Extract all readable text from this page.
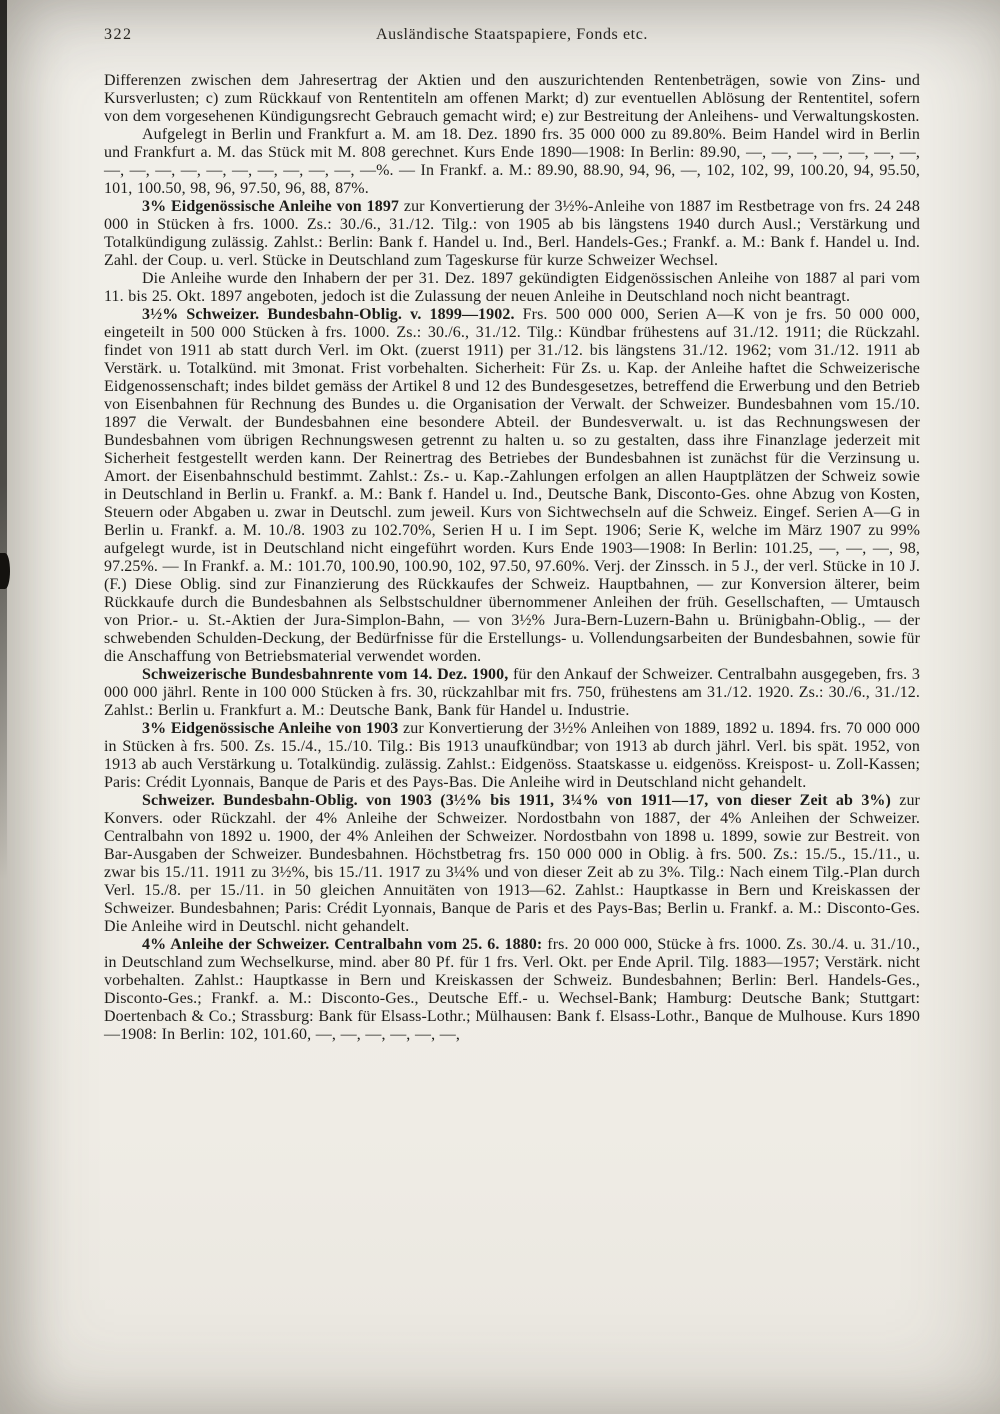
322	Ausländische Staatspapiere, Fonds etc.

Differenzen zwischen dem Jahresertrag der Aktien und den auszurichtenden Rentenbeträgen, sowie von Zins- und Kursverlusten; c) zum Rückkauf von Rententiteln am offenen Markt; d) zur eventuellen Ablösung der Rententitel, sofern von dem vorgesehenen Kündigungsrecht Gebrauch gemacht wird; e) zur Bestreitung der Anleihens- und Verwaltungskosten.

Aufgelegt in Berlin und Frankfurt a. M. am 18. Dez. 1890 frs. 35 000 000 zu 89.80%. Beim Handel wird in Berlin und Frankfurt a. M. das Stück mit M. 808 gerechnet. Kurs Ende 1890—1908: In Berlin: 89.90, —, —, —, —, —, —, —, —, —, —, —, —, —, —, —, —, —, —%. — In Frankf. a. M.: 89.90, 88.90, 94, 96, —, 102, 102, 99, 100.20, 94, 95.50, 101, 100.50, 98, 96, 97.50, 96, 88, 87%.

3% Eidgenössische Anleihe von 1897 zur Konvertierung der 3½%-Anleihe von 1887 im Restbetrage von frs. 24 248 000 in Stücken à frs. 1000. Zs.: 30./6., 31./12. Tilg.: von 1905 ab bis längstens 1940 durch Ausl.; Verstärkung und Totalkündigung zulässig. Zahlst.: Berlin: Bank f. Handel u. Ind., Berl. Handels-Ges.; Frankf. a. M.: Bank f. Handel u. Ind. Zahl. der Coup. u. verl. Stücke in Deutschland zum Tageskurse für kurze Schweizer Wechsel.

Die Anleihe wurde den Inhabern der per 31. Dez. 1897 gekündigten Eidgenössischen Anleihe von 1887 al pari vom 11. bis 25. Okt. 1897 angeboten, jedoch ist die Zulassung der neuen Anleihe in Deutschland noch nicht beantragt.

3½% Schweizer. Bundesbahn-Oblig. v. 1899—1902. Frs. 500 000 000, Serien A—K von je frs. 50 000 000, eingeteilt in 500 000 Stücken à frs. 1000. Zs.: 30./6., 31./12. Tilg.: Kündbar frühestens auf 31./12. 1911; die Rückzahl. findet von 1911 ab statt durch Verl. im Okt. (zuerst 1911) per 31./12. bis längstens 31./12. 1962; vom 31./12. 1911 ab Verstärk. u. Totalkünd. mit 3monat. Frist vorbehalten. Sicherheit: Für Zs. u. Kap. der Anleihe haftet die Schweizerische Eidgenossenschaft; indes bildet gemäss der Artikel 8 und 12 des Bundesgesetzes, betreffend die Erwerbung und den Betrieb von Eisenbahnen für Rechnung des Bundes u. die Organisation der Verwalt. der Schweizer. Bundesbahnen vom 15./10. 1897 die Verwalt. der Bundesbahnen eine besondere Abteil. der Bundesverwalt. u. ist das Rechnungswesen der Bundesbahnen vom übrigen Rechnungswesen getrennt zu halten u. so zu gestalten, dass ihre Finanzlage jederzeit mit Sicherheit festgestellt werden kann. Der Reinertrag des Betriebes der Bundesbahnen ist zunächst für die Verzinsung u. Amort. der Eisenbahnschuld bestimmt. Zahlst.: Zs.- u. Kap.-Zahlungen erfolgen an allen Hauptplätzen der Schweiz sowie in Deutschland in Berlin u. Frankf. a. M.: Bank f. Handel u. Ind., Deutsche Bank, Disconto-Ges. ohne Abzug von Kosten, Steuern oder Abgaben u. zwar in Deutschl. zum jeweil. Kurs von Sichtwechseln auf die Schweiz. Eingef. Serien A—G in Berlin u. Frankf. a. M. 10./8. 1903 zu 102.70%, Serien H u. I im Sept. 1906; Serie K, welche im März 1907 zu 99% aufgelegt wurde, ist in Deutschland nicht eingeführt worden. Kurs Ende 1903—1908: In Berlin: 101.25, —, —, —, 98, 97.25%. — In Frankf. a. M.: 101.70, 100.90, 100.90, 102, 97.50, 97.60%. Verj. der Zinssch. in 5 J., der verl. Stücke in 10 J. (F.) Diese Oblig. sind zur Finanzierung des Rückkaufes der Schweiz. Hauptbahnen, — zur Konversion älterer, beim Rückkaufe durch die Bundesbahnen als Selbstschuldner übernommener Anleihen der früh. Gesellschaften, — Umtausch von Prior.- u. St.-Aktien der Jura-Simplon-Bahn, — von 3½% Jura-Bern-Luzern-Bahn u. Brünigbahn-Oblig., — der schwebenden Schulden-Deckung, der Bedürfnisse für die Erstellungs- u. Vollendungsarbeiten der Bundesbahnen, sowie für die Anschaffung von Betriebsmaterial verwendet worden.

Schweizerische Bundesbahnrente vom 14. Dez. 1900, für den Ankauf der Schweizer. Centralbahn ausgegeben, frs. 3 000 000 jährl. Rente in 100 000 Stücken à frs. 30, rückzahlbar mit frs. 750, frühestens am 31./12. 1920. Zs.: 30./6., 31./12. Zahlst.: Berlin u. Frankfurt a. M.: Deutsche Bank, Bank für Handel u. Industrie.

3% Eidgenössische Anleihe von 1903 zur Konvertierung der 3½% Anleihen von 1889, 1892 u. 1894. frs. 70 000 000 in Stücken à frs. 500. Zs. 15./4., 15./10. Tilg.: Bis 1913 unaufkündbar; von 1913 ab durch jährl. Verl. bis spät. 1952, von 1913 ab auch Verstärkung u. Totalkündig. zulässig. Zahlst.: Eidgenöss. Staatskasse u. eidgenöss. Kreispost- u. Zoll-Kassen; Paris: Crédit Lyonnais, Banque de Paris et des Pays-Bas. Die Anleihe wird in Deutschland nicht gehandelt.

Schweizer. Bundesbahn-Oblig. von 1903 (3½% bis 1911, 3¼% von 1911—17, von dieser Zeit ab 3%) zur Konvers. oder Rückzahl. der 4% Anleihe der Schweizer. Nordostbahn von 1887, der 4% Anleihen der Schweizer. Centralbahn von 1892 u. 1900, der 4% Anleihen der Schweizer. Nordostbahn von 1898 u. 1899, sowie zur Bestreit. von Bar-Ausgaben der Schweizer. Bundesbahnen. Höchstbetrag frs. 150 000 000 in Oblig. à frs. 500. Zs.: 15./5., 15./11., u. zwar bis 15./11. 1911 zu 3½%, bis 15./11. 1917 zu 3¼% und von dieser Zeit ab zu 3%. Tilg.: Nach einem Tilg.-Plan durch Verl. 15./8. per 15./11. in 50 gleichen Annuitäten von 1913—62. Zahlst.: Hauptkasse in Bern und Kreiskassen der Schweizer. Bundesbahnen; Paris: Crédit Lyonnais, Banque de Paris et des Pays-Bas; Berlin u. Frankf. a. M.: Disconto-Ges. Die Anleihe wird in Deutschl. nicht gehandelt.

4% Anleihe der Schweizer. Centralbahn vom 25. 6. 1880: frs. 20 000 000, Stücke à frs. 1000. Zs. 30./4. u. 31./10., in Deutschland zum Wechselkurse, mind. aber 80 Pf. für 1 frs. Verl. Okt. per Ende April. Tilg. 1883—1957; Verstärk. nicht vorbehalten. Zahlst.: Hauptkasse in Bern und Kreiskassen der Schweiz. Bundesbahnen; Berlin: Berl. Handels-Ges., Disconto-Ges.; Frankf. a. M.: Disconto-Ges., Deutsche Eff.- u. Wechsel-Bank; Hamburg: Deutsche Bank; Stuttgart: Doertenbach & Co.; Strassburg: Bank für Elsass-Lothr.; Mülhausen: Bank f. Elsass-Lothr., Banque de Mulhouse. Kurs 1890—1908: In Berlin: 102, 101.60, —, —, —, —, —, —,
